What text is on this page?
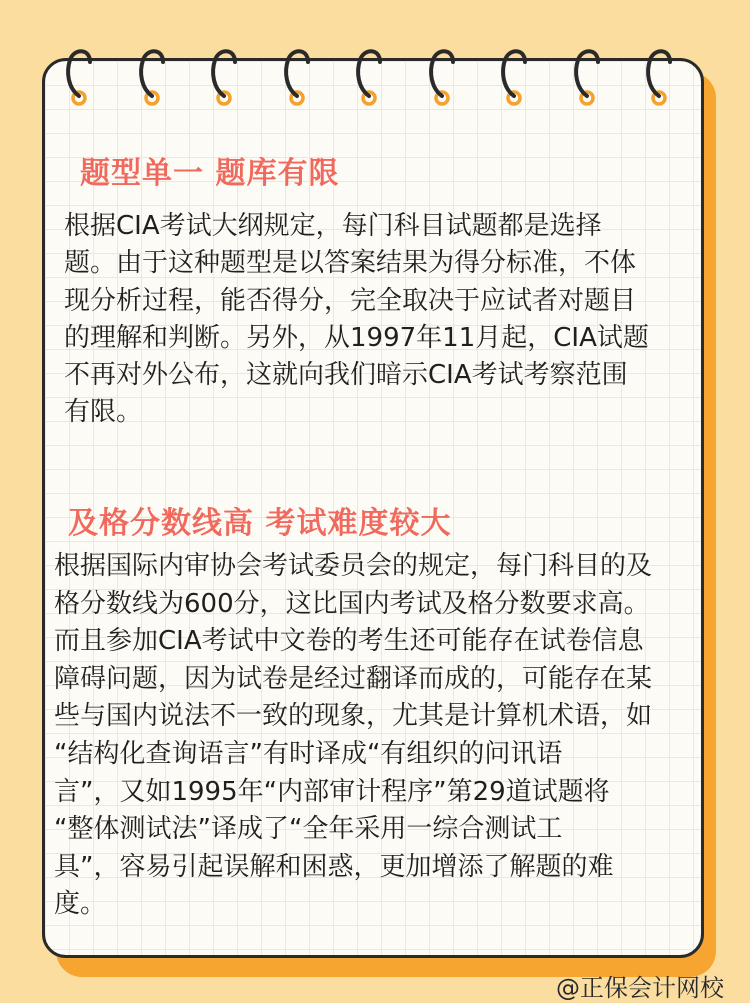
题型单一 题库有限

根据CIA考试大纲规定，每门科目试题都是选择
题。由于这种题型是以答案结果为得分标准，不体
现分析过程，能否得分，完全取决于应试者对题目
的理解和判断。另外，从1997年11月起，CIA试题
不再对外公布，这就向我们暗示CIA考试考察范围
有限。

及格分数线高 考试难度较大

根据国际内审协会考试委员会的规定，每门科目的及
格分数线为600分，这比国内考试及格分数要求高。
而且参加CIA考试中文卷的考生还可能存在试卷信息
障碍问题，因为试卷是经过翻译而成的，可能存在某
些与国内说法不一致的现象，尤其是计算机术语，如
“结构化查询语言”有时译成“有组织的问讯语
言”，又如1995年“内部审计程序”第29道试题将
“整体测试法”译成了“全年采用一综合测试工
具”，容易引起误解和困惑，更加增添了解题的难
度。

@正保会计网校
